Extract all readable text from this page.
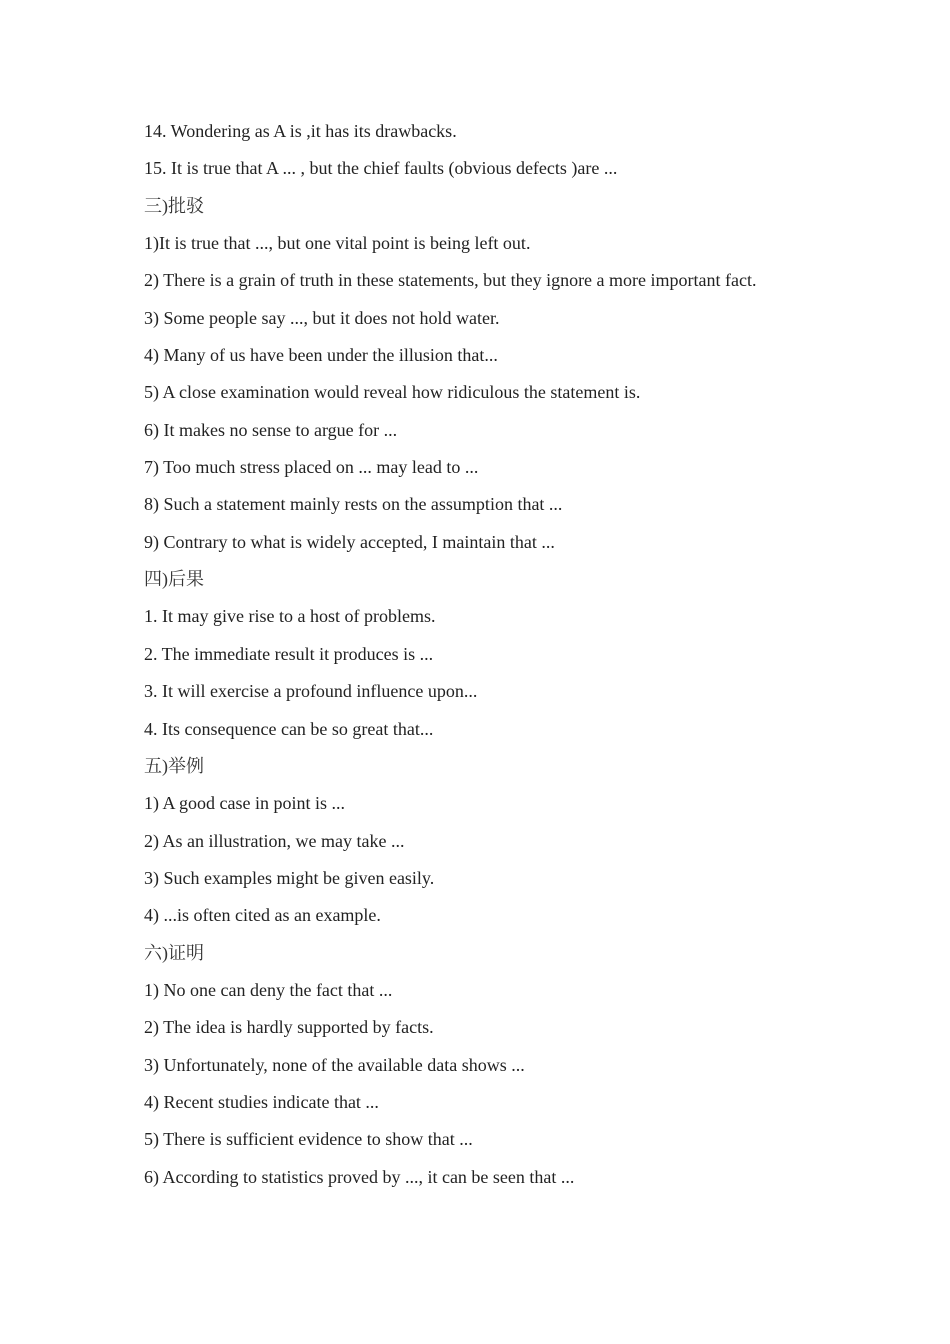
14. Wondering as A is ,it has its drawbacks.
15. It is true that A ... , but the chief faults (obvious defects )are ...
三)批驳
1)It is true that ..., but one vital point is being left out.
2) There is a grain of truth in these statements, but they ignore a more important fact.
3) Some people say ..., but it does not hold water.
4) Many of us have been under the illusion that...
5) A close examination would reveal how ridiculous the statement is.
6) It makes no sense to argue for ...
7) Too much stress placed on ... may lead to ...
8) Such a statement mainly rests on the assumption that ...
9) Contrary to what is widely accepted, I maintain that ...
四)后果
1. It may give rise to a host of problems.
2. The immediate result it produces is ...
3. It will exercise a profound influence upon...
4. Its consequence can be so great that...
五)举例
1) A good case in point is ...
2) As an illustration, we may take ...
3) Such examples might be given easily.
4) ...is often cited as an example.
六)证明
1) No one can deny the fact that ...
2) The idea is hardly supported by facts.
3) Unfortunately, none of the available data shows ...
4) Recent studies indicate that ...
5) There is sufficient evidence to show that ...
6) According to statistics proved by ..., it can be seen that ...
